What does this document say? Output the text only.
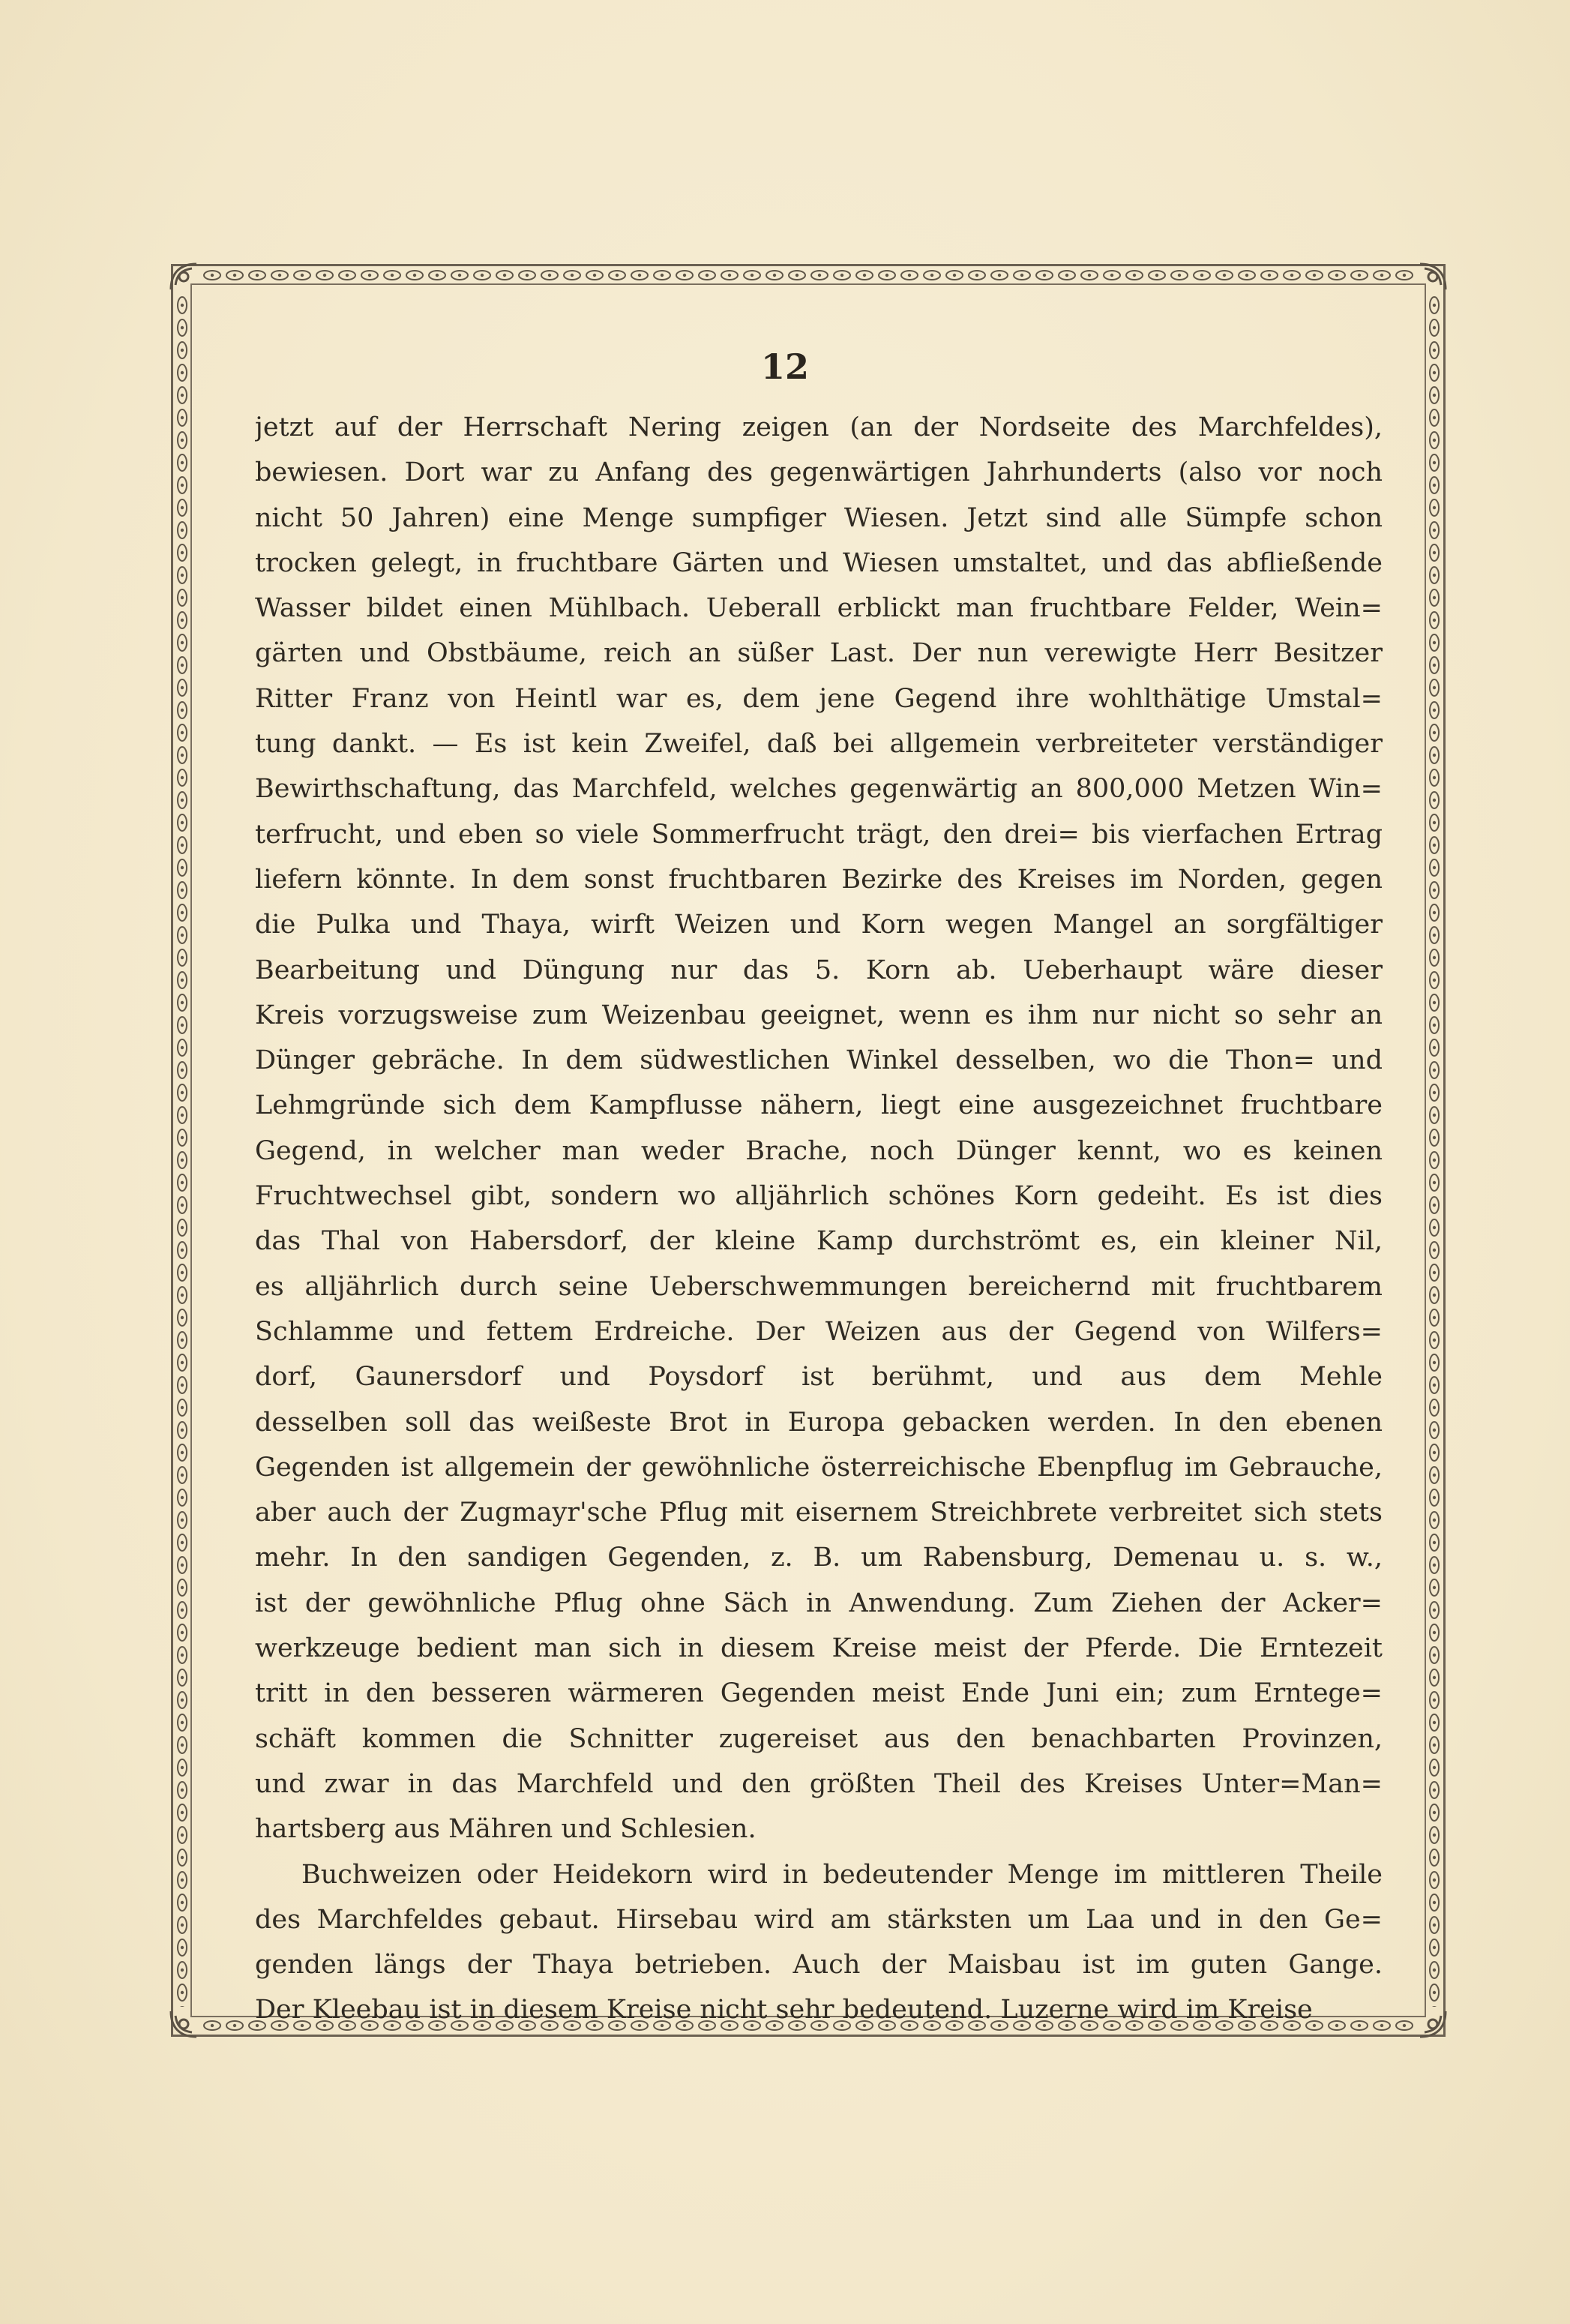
12
jetzt auf der Herrschaft Nering zeigen (an der Nordseite des Marchfeldes),
bewiesen. Dort war zu Anfang des gegenwärtigen Jahrhunderts (also vor noch
nicht 50 Jahren) eine Menge sumpfiger Wiesen. Jetzt sind alle Sümpfe schon
trocken gelegt, in fruchtbare Gärten und Wiesen umstaltet, und das abfließende
Wasser bildet einen Mühlbach. Ueberall erblickt man fruchtbare Felder, Wein=
gärten und Obstbäume, reich an süßer Last. Der nun verewigte Herr Besitzer
Ritter Franz von Heintl war es, dem jene Gegend ihre wohlthätige Umstal=
tung dankt. — Es ist kein Zweifel, daß bei allgemein verbreiteter verständiger
Bewirthschaftung, das Marchfeld, welches gegenwärtig an 800,000 Metzen Win=
terfrucht, und eben so viele Sommerfrucht trägt, den drei= bis vierfachen Ertrag
liefern könnte. In dem sonst fruchtbaren Bezirke des Kreises im Norden, gegen
die Pulka und Thaya, wirft Weizen und Korn wegen Mangel an sorgfältiger
Bearbeitung und Düngung nur das 5. Korn ab. Ueberhaupt wäre dieser
Kreis vorzugsweise zum Weizenbau geeignet, wenn es ihm nur nicht so sehr an
Dünger gebräche. In dem südwestlichen Winkel desselben, wo die Thon= und
Lehmgründe sich dem Kampflusse nähern, liegt eine ausgezeichnet fruchtbare
Gegend, in welcher man weder Brache, noch Dünger kennt, wo es keinen
Fruchtwechsel gibt, sondern wo alljährlich schönes Korn gedeiht. Es ist dies
das Thal von Habersdorf, der kleine Kamp durchströmt es, ein kleiner Nil,
es alljährlich durch seine Ueberschwemmungen bereichernd mit fruchtbarem
Schlamme und fettem Erdreiche. Der Weizen aus der Gegend von Wilfers=
dorf, Gaunersdorf und Poysdorf ist berühmt, und aus dem Mehle
desselben soll das weißeste Brot in Europa gebacken werden. In den ebenen
Gegenden ist allgemein der gewöhnliche österreichische Ebenpflug im Gebrauche,
aber auch der Zugmayr'sche Pflug mit eisernem Streichbrete verbreitet sich stets
mehr. In den sandigen Gegenden, z. B. um Rabensburg, Demenau u. s. w.,
ist der gewöhnliche Pflug ohne Säch in Anwendung. Zum Ziehen der Acker=
werkzeuge bedient man sich in diesem Kreise meist der Pferde. Die Erntezeit
tritt in den besseren wärmeren Gegenden meist Ende Juni ein; zum Erntege=
schäft kommen die Schnitter zugereiset aus den benachbarten Provinzen,
und zwar in das Marchfeld und den größten Theil des Kreises Unter=Man=
hartsberg aus Mähren und Schlesien.
Buchweizen oder Heidekorn wird in bedeutender Menge im mittleren Theile
des Marchfeldes gebaut. Hirsebau wird am stärksten um Laa und in den Ge=
genden längs der Thaya betrieben. Auch der Maisbau ist im guten Gange.
Der Kleebau ist in diesem Kreise nicht sehr bedeutend. Luzerne wird im Kreise
